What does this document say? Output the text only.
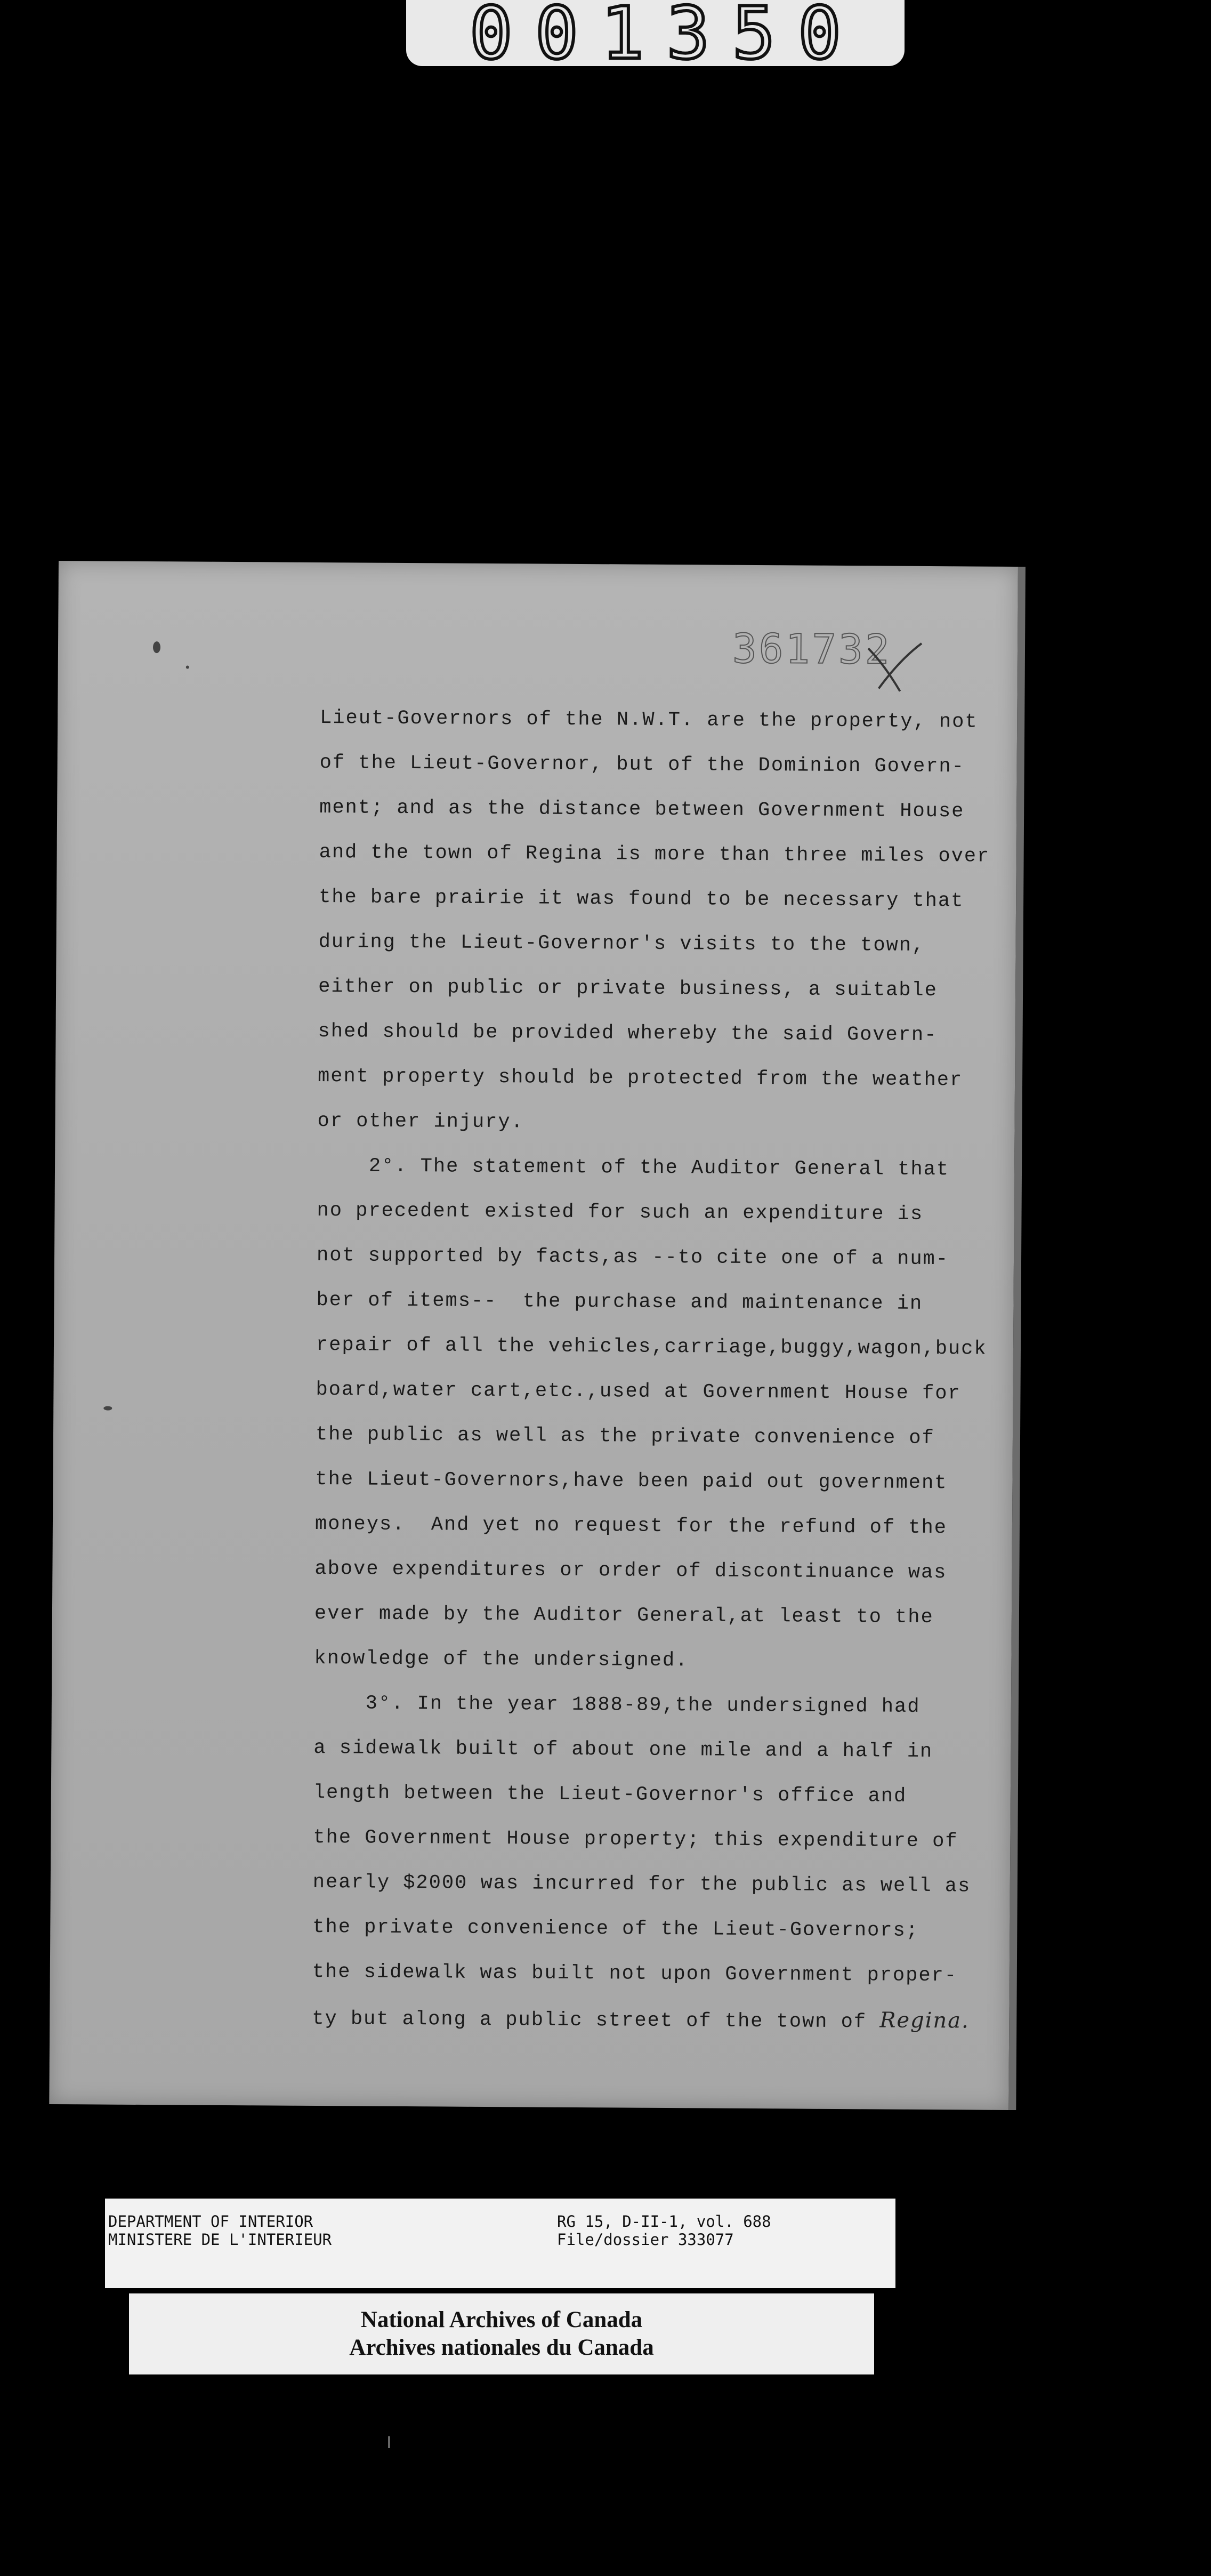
001350
361732
Lieut-Governors of the N.W.T. are the property, not
of the Lieut-Governor, but of the Dominion Govern-
ment; and as the distance between Government House
and the town of Regina is more than three miles over
the bare prairie it was found to be necessary that
during the Lieut-Governor's visits to the town,
either on public or private business, a suitable
shed should be provided whereby the said Govern-
ment property should be protected from the weather
or other injury.
2°. The statement of the Auditor General that
no precedent existed for such an expenditure is
not supported by facts,as --to cite one of a num-
ber of items--  the purchase and maintenance in
repair of all the vehicles,carriage,buggy,wagon,buck
board,water cart,etc.,used at Government House for
the public as well as the private convenience of
the Lieut-Governors,have been paid out government
moneys.  And yet no request for the refund of the
above expenditures or order of discontinuance was
ever made by the Auditor General,at least to the
knowledge of the undersigned.
3°. In the year 1888-89,the undersigned had
a sidewalk built of about one mile and a half in
length between the Lieut-Governor's office and
the Government House property; this expenditure of
nearly $2000 was incurred for the public as well as
the private convenience of the Lieut-Governors;
the sidewalk was built not upon Government proper-
ty but along a public street of the town of Regina.
DEPARTMENT OF INTERIOR
MINISTERE DE L'INTERIEUR
RG 15, D-II-1, vol. 688
File/dossier 333077
National Archives of Canada
Archives nationales du Canada
